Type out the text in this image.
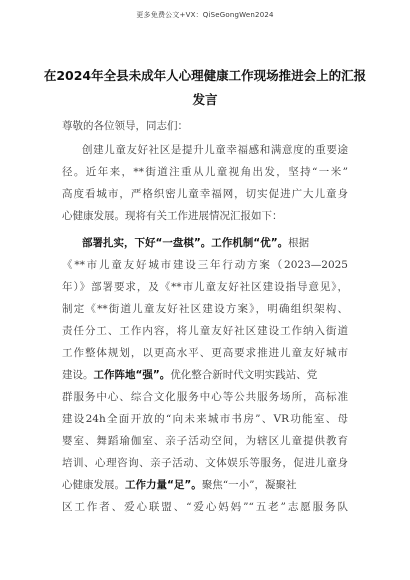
更多免费公文+VX：QiSeGongWen2024
在2024年全县未成年人心理健康工作现场推进会上的汇报
发言
尊敬的各位领导，同志们：
创建儿童友好社区是提升儿童幸福感和满意度的重要途
径。近年来，**街道注重从儿童视角出发，坚持“一米”
高度看城市，严格织密儿童幸福网，切实促进广大儿童身
心健康发展。现将有关工作进展情况汇报如下：
部署扎实，下好“一盘棋”。工作机制“优”。根据
《**市儿童友好城市建设三年行动方案（2023—2025
年）》部署要求，及《**市儿童友好社区建设指导意见》，
制定《**街道儿童友好社区建设方案》，明确组织架构、
责任分工、工作内容，将儿童友好社区建设工作纳入街道
工作整体规划，以更高水平、更高要求推进儿童友好城市
建设。工作阵地“强”。优化整合新时代文明实践站、党
群服务中心、综合文化服务中心等公共服务场所，高标准
建设24h全面开放的“向未来城市书房”、VR功能室、母
婴室、舞蹈瑜伽室、亲子活动空间，为辖区儿童提供教育
培训、心理咨询、亲子活动、文体娱乐等服务，促进儿童身
心健康发展。工作力量“足”。聚焦“一小”，凝聚社
区工作者、爱心联盟、“爱心妈妈”“五老”志愿服务队
